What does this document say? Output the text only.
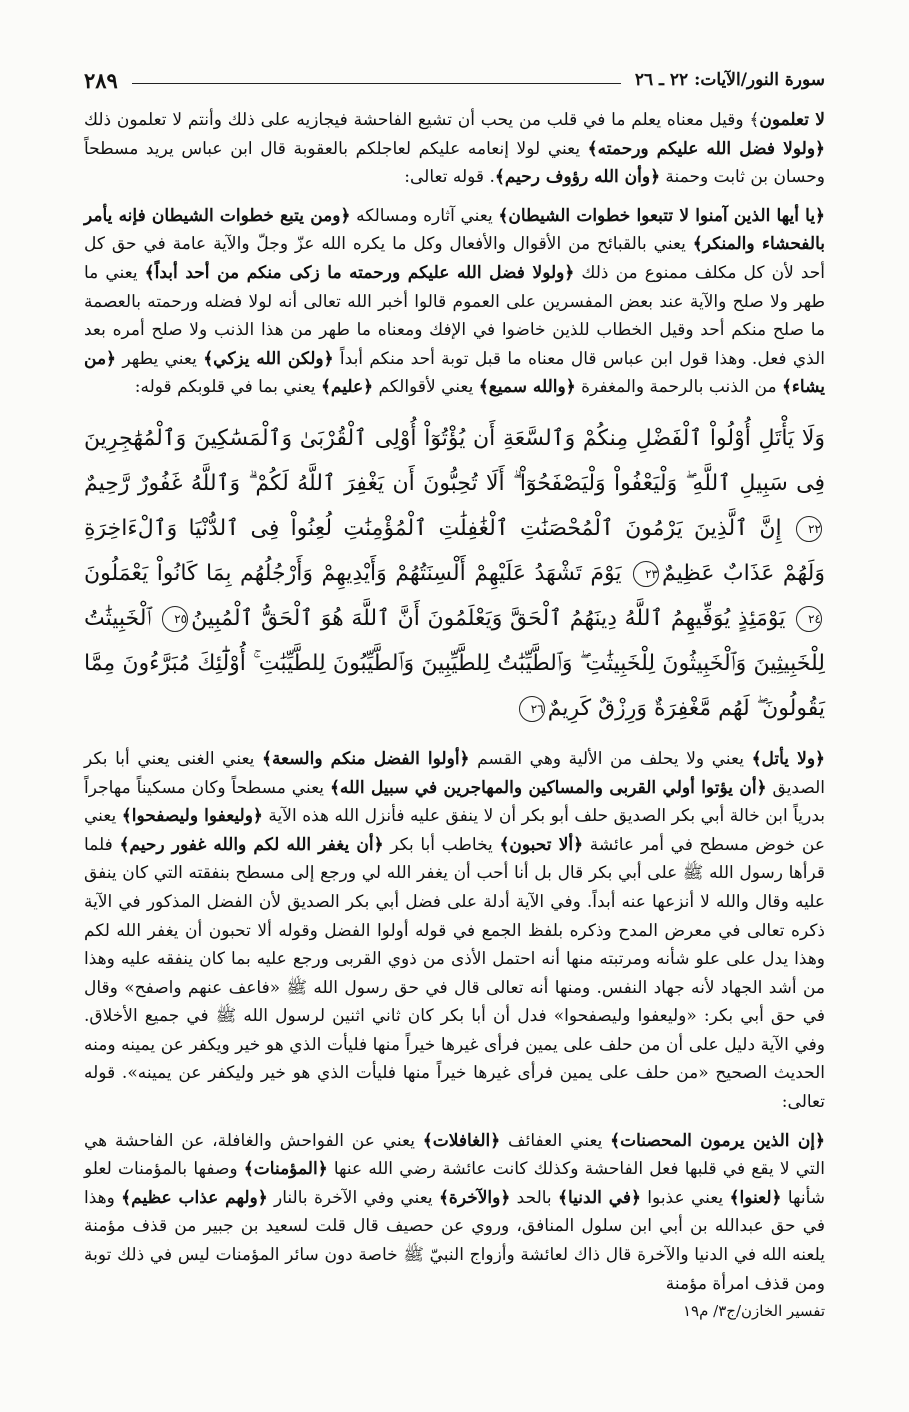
سورة النور/الآيات: ٢٢ ـ ٢٦
٢٨٩

لا تعلمون﴾ وقيل معناه يعلم ما في قلب من يحب أن تشيع الفاحشة فيجازيه على ذلك وأنتم لا تعلمون ذلك ﴿ولولا فضل الله عليكم ورحمته﴾ يعني لولا إنعامه عليكم لعاجلكم بالعقوبة قال ابن عباس يريد مسطحاً وحسان بن ثابت وحمنة ﴿وأن الله رؤوف رحيم﴾. قوله تعالى:

﴿يا أيها الذين آمنوا لا تتبعوا خطوات الشيطان﴾ يعني آثاره ومسالكه ﴿ومن يتبع خطوات الشيطان فإنه يأمر بالفحشاء والمنكر﴾ يعني بالقبائح من الأقوال والأفعال وكل ما يكره الله عزّ وجلّ والآية عامة في حق كل أحد لأن كل مكلف ممنوع من ذلك ﴿ولولا فضل الله عليكم ورحمته ما زكى منكم من أحد أبداً﴾ يعني ما طهر ولا صلح والآية عند بعض المفسرين على العموم قالوا أخبر الله تعالى أنه لولا فضله ورحمته بالعصمة ما صلح منكم أحد وقيل الخطاب للذين خاضوا في الإفك ومعناه ما طهر من هذا الذنب ولا صلح أمره بعد الذي فعل. وهذا قول ابن عباس قال معناه ما قبل توبة أحد منكم أبداً ﴿ولكن الله يزكي﴾ يعني يطهر ﴿من يشاء﴾ من الذنب بالرحمة والمغفرة ﴿والله سميع﴾ يعني لأقوالكم ﴿عليم﴾ يعني بما في قلوبكم قوله:

وَلَا يَأْتَلِ أُوْلُواْ ٱلْفَضْلِ مِنكُمْ وَٱلسَّعَةِ أَن يُؤْتُوٓاْ أُوْلِى ٱلْقُرْبَىٰ وَٱلْمَسَٰكِينَ وَٱلْمُهَٰجِرِينَ فِى سَبِيلِ ٱللَّهِ ۖ وَلْيَعْفُواْ وَلْيَصْفَحُوٓاْ ۗ أَلَا تُحِبُّونَ أَن يَغْفِرَ ٱللَّهُ لَكُمْ ۗ وَٱللَّهُ غَفُورٌ رَّحِيمٌ٢٢ إِنَّ ٱلَّذِينَ يَرْمُونَ ٱلْمُحْصَنَٰتِ ٱلْغَٰفِلَٰتِ ٱلْمُؤْمِنَٰتِ لُعِنُواْ فِى ٱلدُّنْيَا وَٱلْءَاخِرَةِ وَلَهُمْ عَذَابٌ عَظِيمٌ٢٣ يَوْمَ تَشْهَدُ عَلَيْهِمْ أَلْسِنَتُهُمْ وَأَيْدِيهِمْ وَأَرْجُلُهُم بِمَا كَانُواْ يَعْمَلُونَ٢٤ يَوْمَئِذٍ يُوَفِّيهِمُ ٱللَّهُ دِينَهُمُ ٱلْحَقَّ وَيَعْلَمُونَ أَنَّ ٱللَّهَ هُوَ ٱلْحَقُّ ٱلْمُبِينُ٢٥ ٱلْخَبِيثَٰتُ لِلْخَبِيثِينَ وَٱلْخَبِيثُونَ لِلْخَبِيثَٰتِ ۖ وَٱلطَّيِّبَٰتُ لِلطَّيِّبِينَ وَٱلطَّيِّبُونَ لِلطَّيِّبَٰتِ ۚ أُوْلَٰٓئِكَ مُبَرَّءُونَ مِمَّا يَقُولُونَ ۖ لَهُم مَّغْفِرَةٌ وَرِزْقٌ كَرِيمٌ٢٦

﴿ولا يأتل﴾ يعني ولا يحلف من الألية وهي القسم ﴿أولوا الفضل منكم والسعة﴾ يعني الغنى يعني أبا بكر الصديق ﴿أن يؤتوا أولي القربى والمساكين والمهاجرين في سبيل الله﴾ يعني مسطحاً وكان مسكيناً مهاجراً بدرياً ابن خالة أبي بكر الصديق حلف أبو بكر أن لا ينفق عليه فأنزل الله هذه الآية ﴿وليعفوا وليصفحوا﴾ يعني عن خوض مسطح في أمر عائشة ﴿ألا تحبون﴾ يخاطب أبا بكر ﴿أن يغفر الله لكم والله غفور رحيم﴾ فلما قرأها رسول الله ﷺ على أبي بكر قال بل أنا أحب أن يغفر الله لي ورجع إلى مسطح بنفقته التي كان ينفق عليه وقال والله لا أنزعها عنه أبداً. وفي الآية أدلة على فضل أبي بكر الصديق لأن الفضل المذكور في الآية ذكره تعالى في معرض المدح وذكره بلفظ الجمع في قوله أولوا الفضل وقوله ألا تحبون أن يغفر الله لكم وهذا يدل على علو شأنه ومرتبته منها أنه احتمل الأذى من ذوي القربى ورجع عليه بما كان ينفقه عليه وهذا من أشد الجهاد لأنه جهاد النفس. ومنها أنه تعالى قال في حق رسول الله ﷺ «فاعف عنهم واصفح» وقال في حق أبي بكر: «وليعفوا وليصفحوا» فدل أن أبا بكر كان ثاني اثنين لرسول الله ﷺ في جميع الأخلاق. وفي الآية دليل على أن من حلف على يمين فرأى غيرها خيراً منها فليأت الذي هو خير ويكفر عن يمينه ومنه الحديث الصحيح «من حلف على يمين فرأى غيرها خيراً منها فليأت الذي هو خير وليكفر عن يمينه». قوله تعالى:

﴿إن الذين يرمون المحصنات﴾ يعني العفائف ﴿الغافلات﴾ يعني عن الفواحش والغافلة، عن الفاحشة هي التي لا يقع في قلبها فعل الفاحشة وكذلك كانت عائشة رضي الله عنها ﴿المؤمنات﴾ وصفها بالمؤمنات لعلو شأنها ﴿لعنوا﴾ يعني عذبوا ﴿في الدنيا﴾ بالحد ﴿والآخرة﴾ يعني وفي الآخرة بالنار ﴿ولهم عذاب عظيم﴾ وهذا في حق عبدالله بن أبي ابن سلول المنافق، وروي عن حصيف قال قلت لسعيد بن جبير من قذف مؤمنة يلعنه الله في الدنيا والآخرة قال ذاك لعائشة وأزواج النبيّ ﷺ خاصة دون سائر المؤمنات ليس في ذلك توبة ومن قذف امرأة مؤمنة

تفسير الخازن/ج٣/ م١٩
